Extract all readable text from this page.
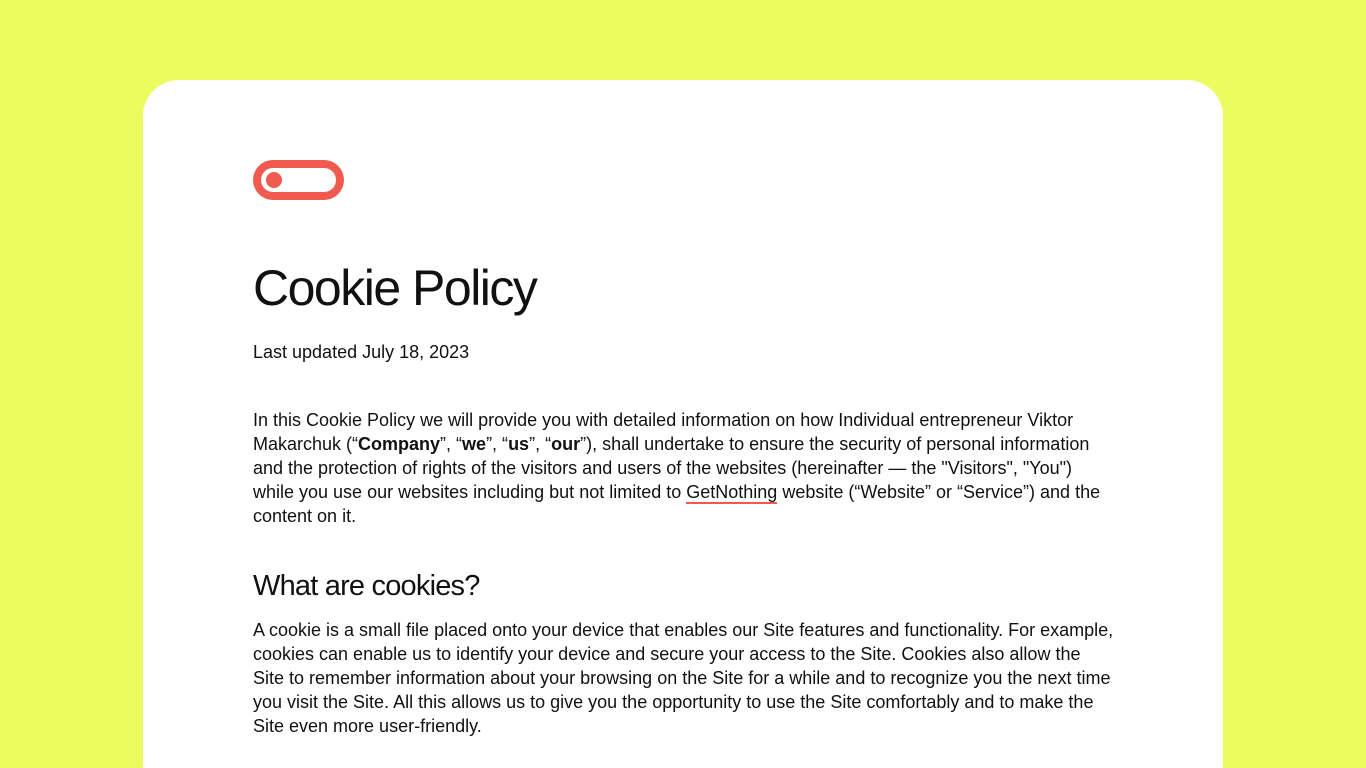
Cookie Policy

Last updated July 18, 2023

In this Cookie Policy we will provide you with detailed information on how Individual entrepreneur Viktor Makarchuk (“Company”, “we”, “us”, “our”), shall undertake to ensure the security of personal information and the protection of rights of the visitors and users of the websites (hereinafter — the "Visitors", "You") while you use our websites including but not limited to GetNothing website (“Website” or “Service”) and the content on it.

What are cookies?

A cookie is a small file placed onto your device that enables our Site features and functionality. For example, cookies can enable us to identify your device and secure your access to the Site. Cookies also allow the Site to remember information about your browsing on the Site for a while and to recognize you the next time you visit the Site. All this allows us to give you the opportunity to use the Site comfortably and to make the Site even more user-friendly.
